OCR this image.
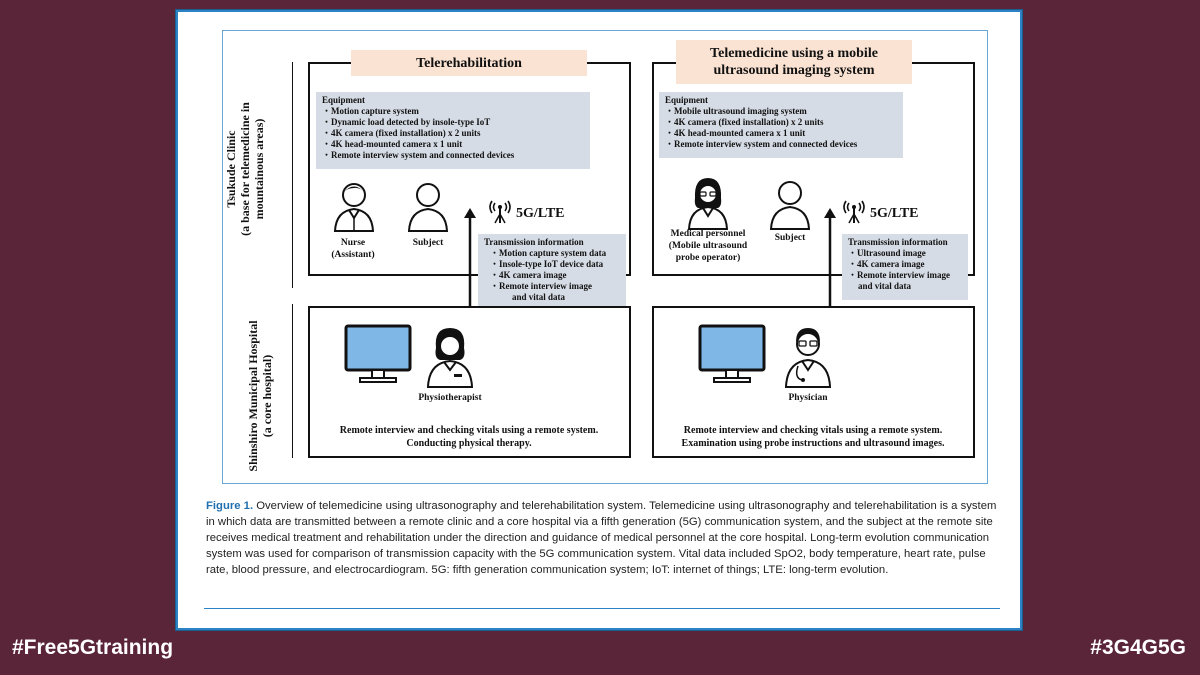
Tsukude Clinic (a base for telemedicine in mountainous areas)
Shinshiro Municipal Hospital (a core hospital)
Telerehabilitation
Equipment
・ Motion capture system
・ Dynamic load detected by insole-type IoT
・ 4K camera (fixed installation) x 2 units
・ 4K head-mounted camera x 1 unit
・ Remote interview system and connected devices
Nurse
(Assistant)
Subject
5G/LTE
Transmission information
・ Motion capture system data
・ Insole-type IoT device data
・ 4K camera image
・ Remote interview image
and vital data
Physiotherapist
Remote interview and checking vitals using a remote system.
Conducting physical therapy.
Telemedicine using a mobile
ultrasound imaging system
Equipment
・ Mobile ultrasound imaging system
・ 4K camera (fixed installation) x 2 units
・ 4K head-mounted camera x 1 unit
・ Remote interview system and connected devices
Medical personnel
(Mobile ultrasound
probe operator)
Subject
5G/LTE
Transmission information
・ Ultrasound image
・ 4K camera image
・ Remote interview image
and vital data
Physician
Remote interview and checking vitals using a remote system.
Examination using probe instructions and ultrasound images.
Figure 1. Overview of telemedicine using ultrasonography and telerehabilitation system. Telemedicine using ultrasonography and telerehabilitation is a system in which data are transmitted between a remote clinic and a core hospital via a fifth generation (5G) communication system, and the subject at the remote site receives medical treatment and rehabilitation under the direction and guidance of medical personnel at the core hospital. Long-term evolution communication system was used for comparison of transmission capacity with the 5G communication system. Vital data included SpO2, body temperature, heart rate, pulse rate, blood pressure, and electrocardiogram. 5G: fifth generation communication system; IoT: internet of things; LTE: long-term evolution.
#Free5Gtraining	#3G4G5G
